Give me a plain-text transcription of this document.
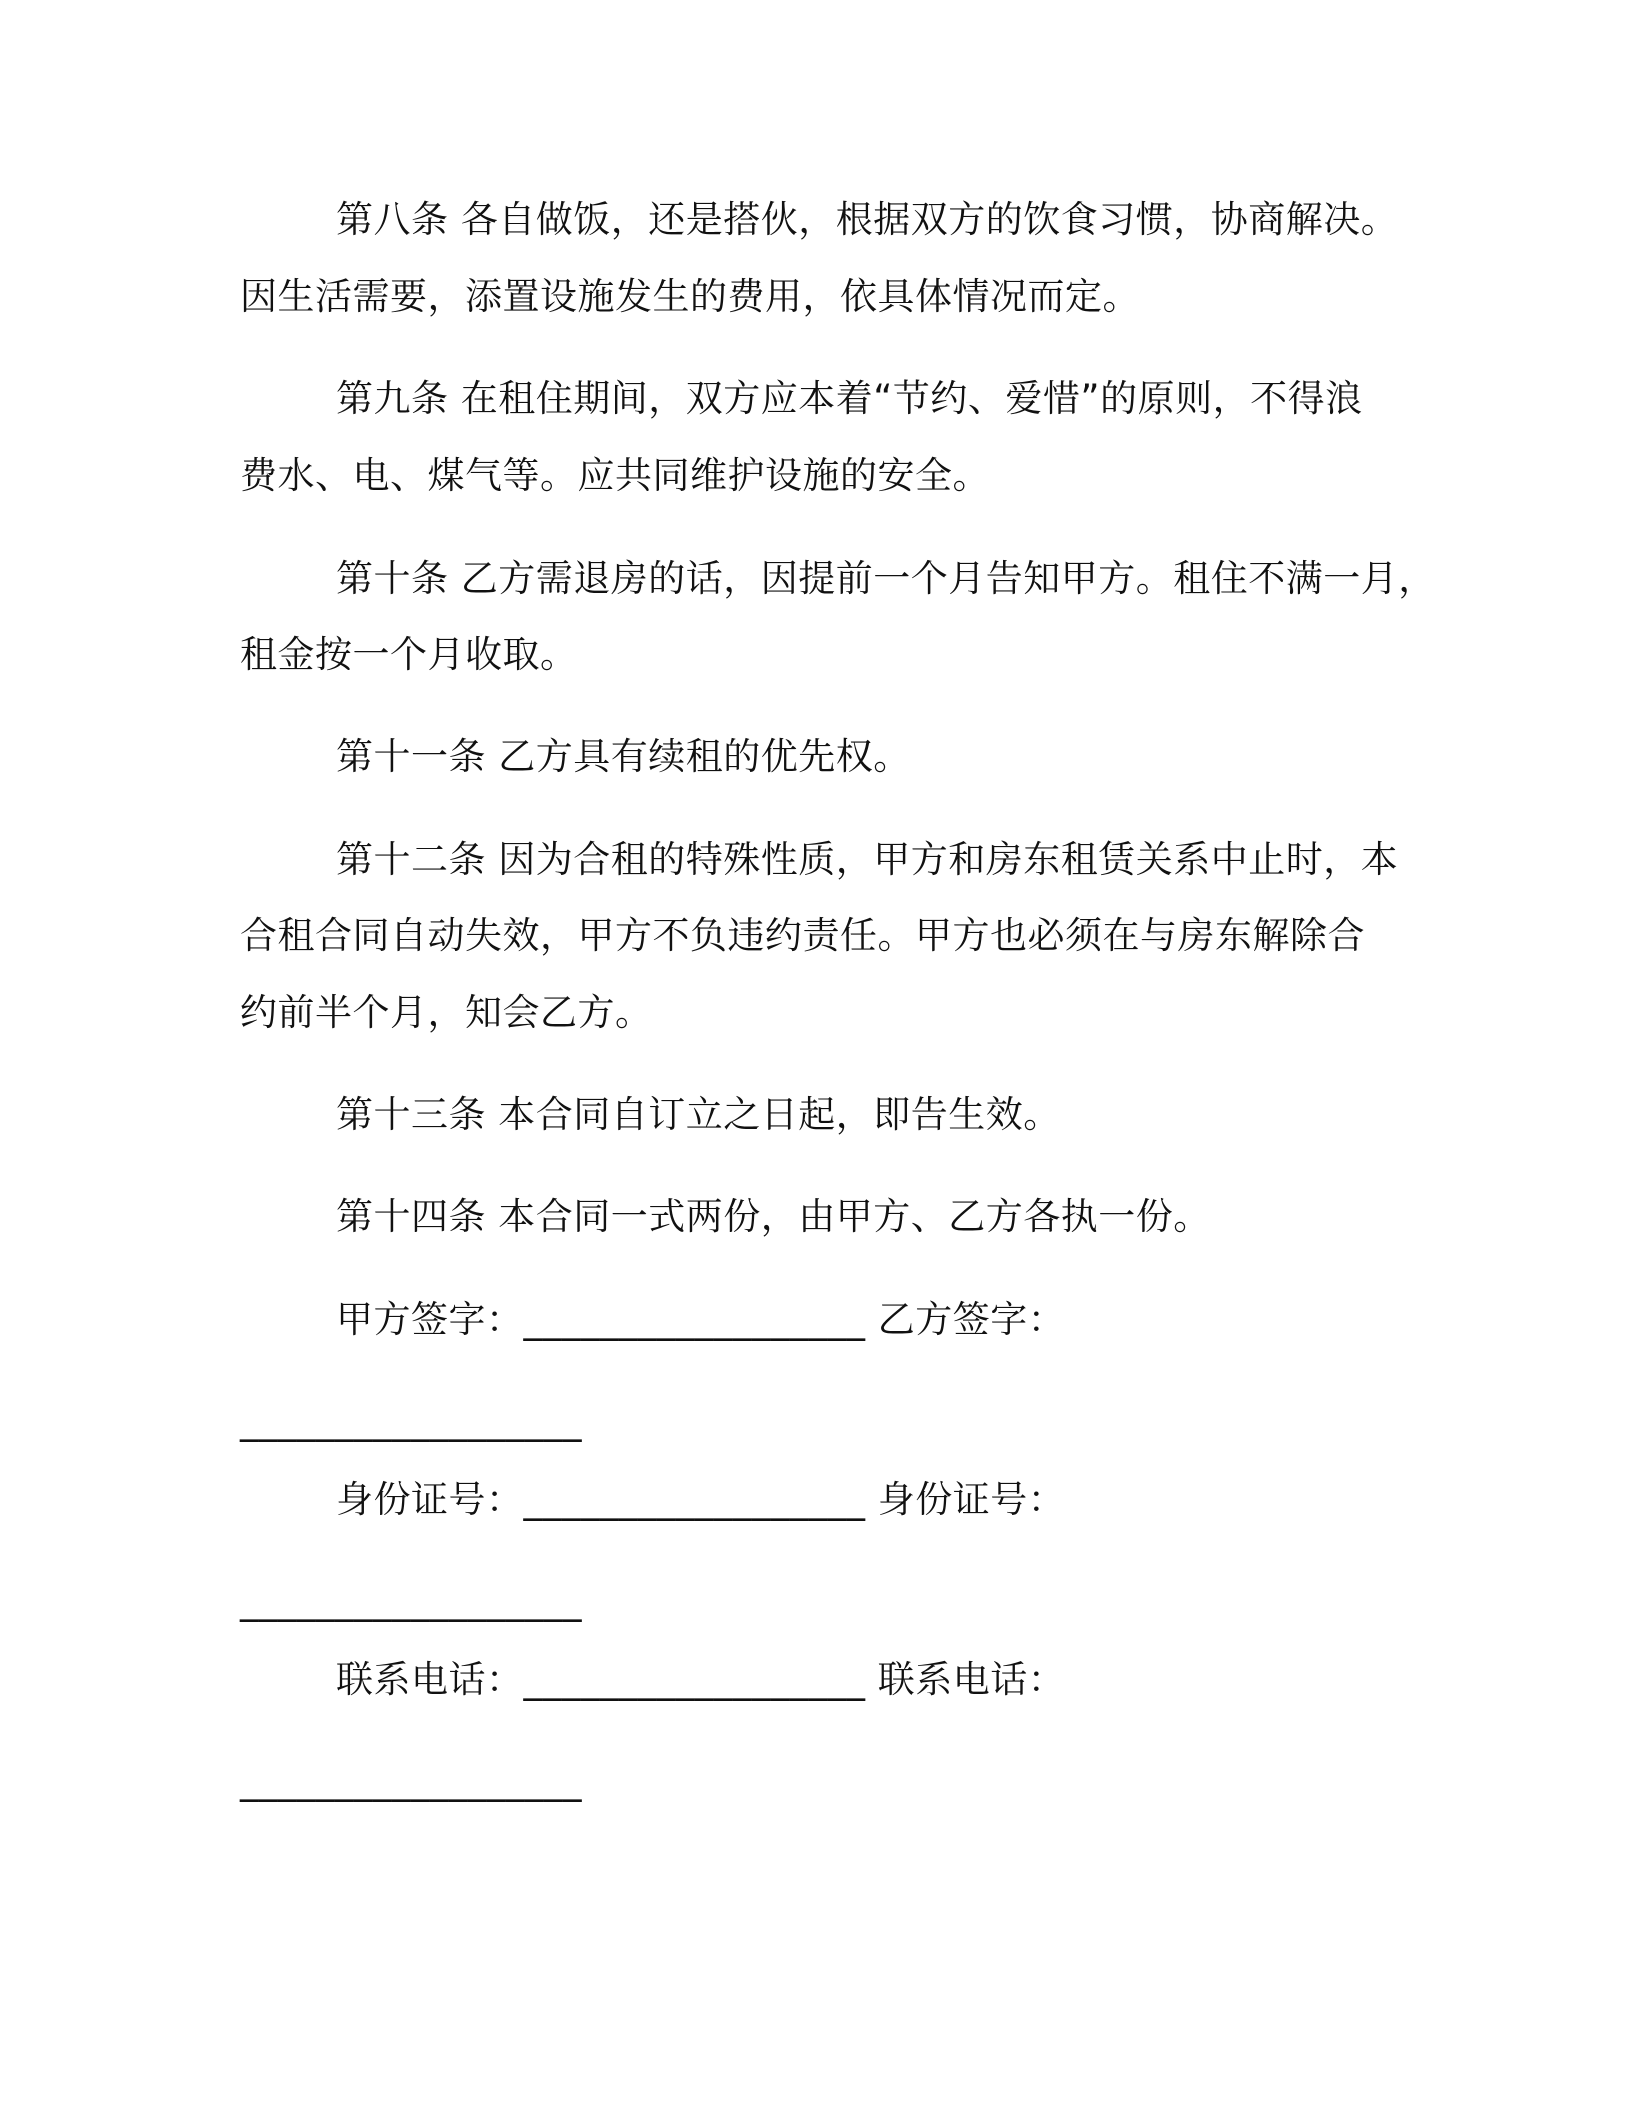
第八条 各自做饭，还是搭伙，根据双方的饮食习惯，协商解决。
因生活需要，添置设施发生的费用，依具体情况而定。
第九条 在租住期间，双方应本着“节约、爱惜”的原则，不得浪
费水、电、煤气等。应共同维护设施的安全。
第十条 乙方需退房的话，因提前一个月告知甲方。租住不满一月，
租金按一个月收取。
第十一条 乙方具有续租的优先权。
第十二条 因为合租的特殊性质，甲方和房东租赁关系中止时，本
合租合同自动失效，甲方不负违约责任。甲方也必须在与房东解除合
约前半个月，知会乙方。
第十三条 本合同自订立之日起，即告生效。
第十四条 本合同一式两份，由甲方、乙方各执一份。
甲方签字：__________________ 乙方签字：
__________________
身份证号：__________________ 身份证号：
__________________
联系电话：__________________ 联系电话：
__________________
